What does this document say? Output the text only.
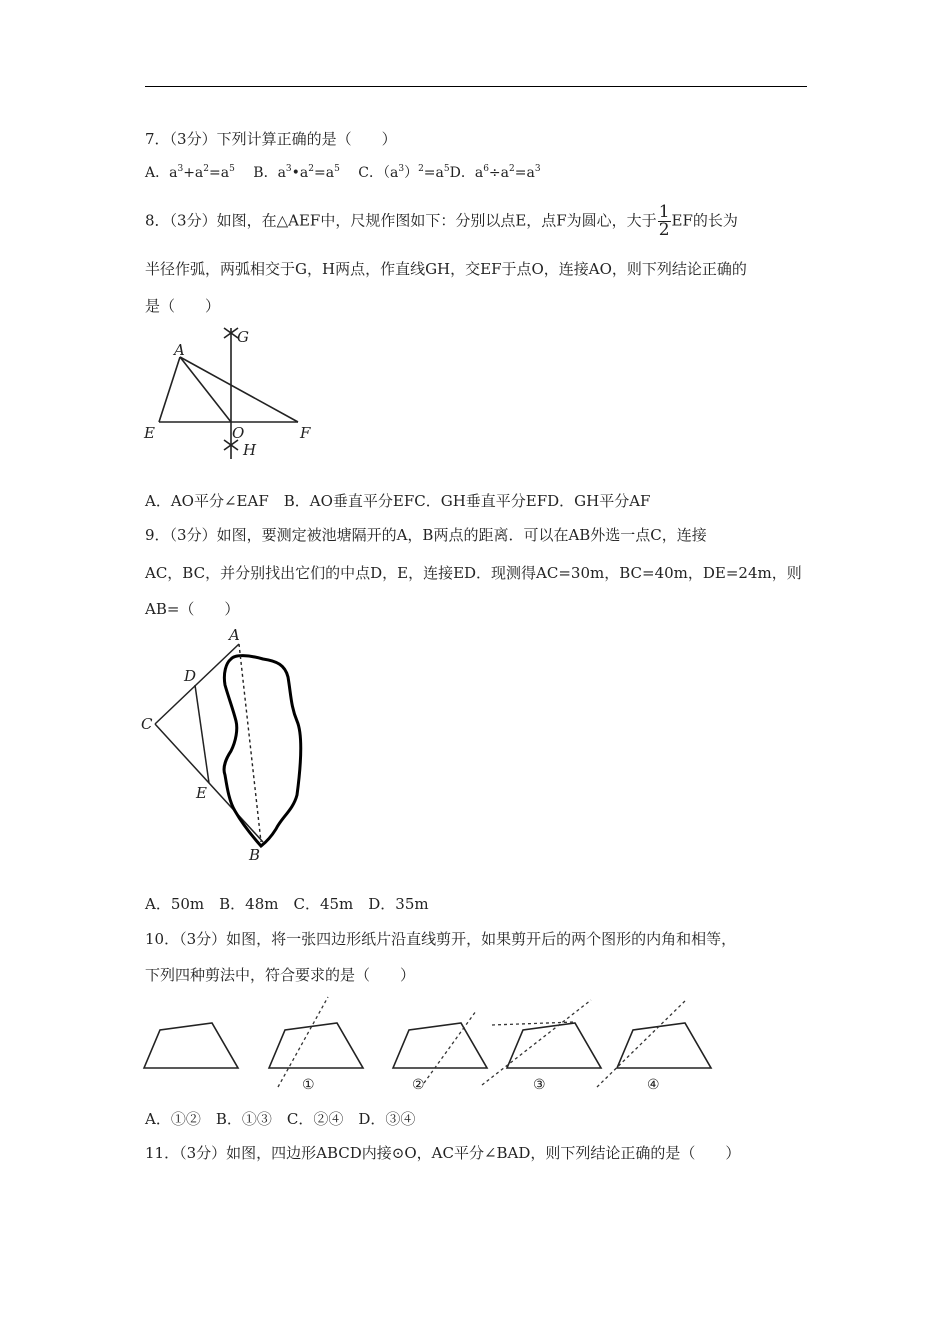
7．（3分）下列计算正确的是（　　）
A．$a^3+a^2=a^5$ 　B．$a^3•a^2=a^5$ 　C．$(a^3)^2=a^5D$．$a^6\div a^2=a^3$
8．（3分）如图，在△AEF中，尺规作图如下：分别以点E，点F为圆心，大于 $\frac{1}{2}$ EF的长为
半径作弧，两弧相交于G，H两点，作直线GH，交EF于点O，连接AO，则下列结论正确的
是（　　）
A
G
E	O	F
H
A．AO平分∠EAF　B．AO垂直平分EFC．GH垂直平分EFD．GH平分AF
9．（3分）如图，要测定被池塘隔开的A，B两点的距离．可以在AB外选一点C，连接
AC，BC，并分别找出它们的中点D，E，连接ED．现测得AC=30m，BC=40m，DE=24m，则
AB=（　　）
A
D
C
E
B
A．50m　B．48m　C．45m　D．35m
10．（3分）如图，将一张四边形纸片沿直线剪开，如果剪开后的两个图形的内角和相等，
下列四种剪法中，符合要求的是（　　）
①	②	③	④
A．①②　B．①③　C．②④　D．③④
11．（3分）如图，四边形ABCD内接⊙O，AC平分∠BAD，则下列结论正确的是（　　）
